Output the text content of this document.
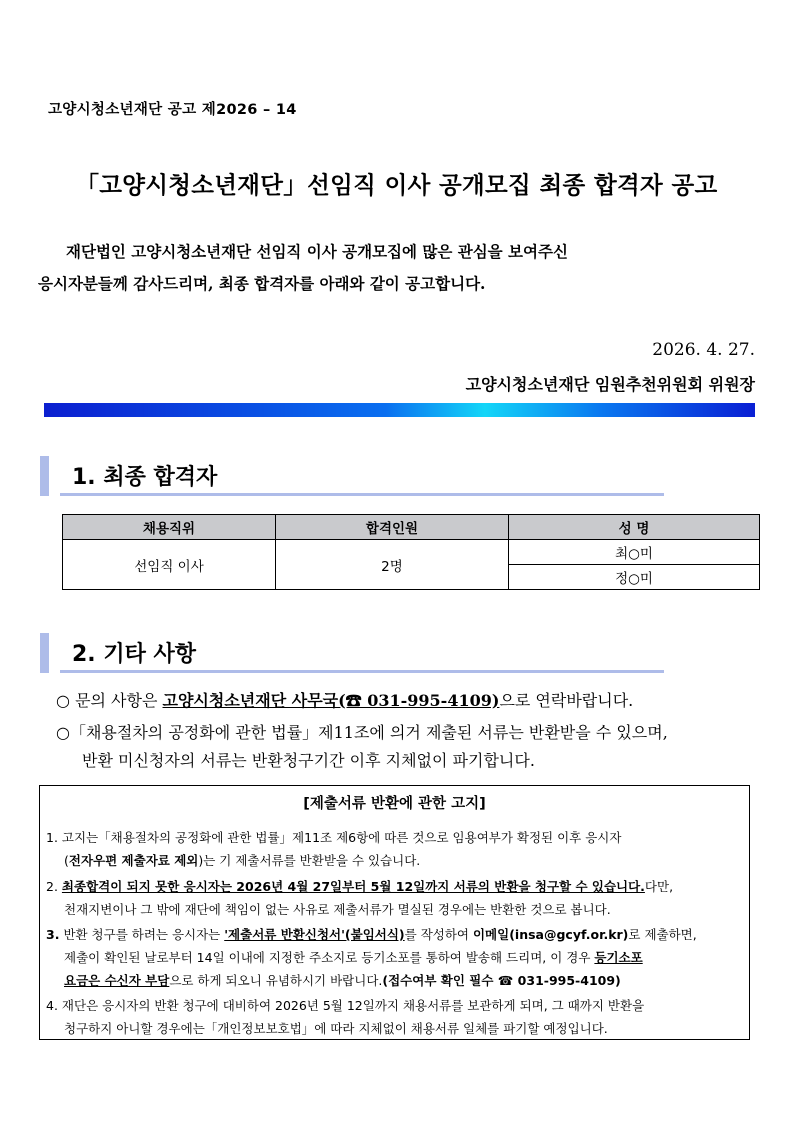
고양시청소년재단 공고 제2026 – 14
「고양시청소년재단」선임직 이사 공개모집 최종 합격자 공고
재단법인 고양시청소년재단 선임직 이사 공개모집에 많은 관심을 보여주신
응시자분들께 감사드리며, 최종 합격자를 아래와 같이 공고합니다.
2026. 4. 27.
고양시청소년재단 임원추천위원회 위원장
1. 최종 합격자
채용직위	합격인원	성 명
선임직 이사	2명	최○미
		정○미
2. 기타 사항
○ 문의 사항은 고양시청소년재단 사무국(☎ 031-995-4109)으로 연락바랍니다.
○「채용절차의 공정화에 관한 법률」제11조에 의거 제출된 서류는 반환받을 수 있으며,
반환 미신청자의 서류는 반환청구기간 이후 지체없이 파기합니다.
[제출서류 반환에 관한 고지]
1. 고지는「채용절차의 공정화에 관한 법률」제11조 제6항에 따른 것으로 임용여부가 확정된 이후 응시자
(전자우편 제출자료 제외)는 기 제출서류를 반환받을 수 있습니다.
2. 최종합격이 되지 못한 응시자는 2026년 4월 27일부터 5월 12일까지 서류의 반환을 청구할 수 있습니다.다만,
천재지변이나 그 밖에 재단에 책임이 없는 사유로 제출서류가 멸실된 경우에는 반환한 것으로 봅니다.
3. 반환 청구를 하려는 응시자는 '제출서류 반환신청서'(붙임서식)를 작성하여 이메일(insa@gcyf.or.kr)로 제출하면,
제출이 확인된 날로부터 14일 이내에 지정한 주소지로 등기소포를 통하여 발송해 드리며, 이 경우 등기소포
요금은 수신자 부담으로 하게 되오니 유념하시기 바랍니다.(접수여부 확인 필수 ☎ 031-995-4109)
4. 재단은 응시자의 반환 청구에 대비하여 2026년 5월 12일까지 채용서류를 보관하게 되며, 그 때까지 반환을
청구하지 아니할 경우에는「개인정보보호법」에 따라 지체없이 채용서류 일체를 파기할 예정입니다.
